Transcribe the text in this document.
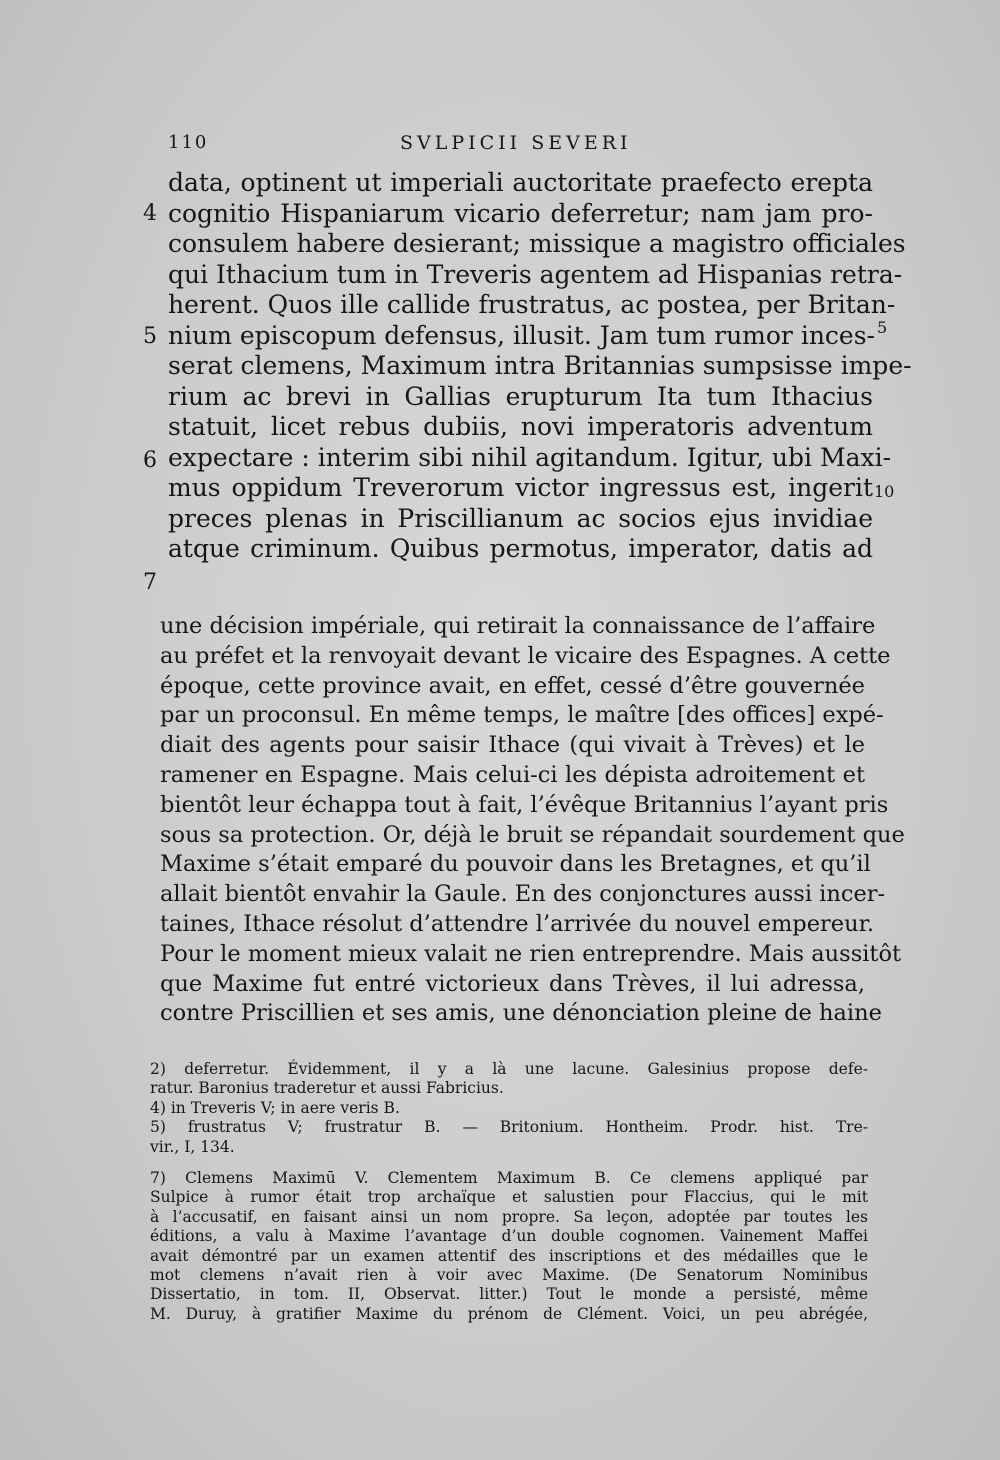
110	SVLPICII SEVERI
data, optinent ut imperiali auctoritate praefecto erepta
cognitio Hispaniarum vicario deferretur; nam jam pro-
consulem habere desierant; missique a magistro officiales
qui Ithacium tum in Treveris agentem ad Hispanias retra-
herent. Quos ille callide frustratus, ac postea, per Britan-
nium episcopum defensus, illusit. Jam tum rumor inces-
serat clemens, Maximum intra Britannias sumpsisse impe-
rium ac brevi in Gallias erupturum Ita tum Ithacius
statuit, licet rebus dubiis, novi imperatoris adventum
expectare : interim sibi nihil agitandum. Igitur, ubi Maxi-
mus oppidum Treverorum victor ingressus est, ingerit
preces plenas in Priscillianum ac socios ejus invidiae
atque criminum. Quibus permotus, imperator, datis ad
4
5
6
7
5
10
une décision impériale, qui retirait la connaissance de l’affaire
au préfet et la renvoyait devant le vicaire des Espagnes. A cette
époque, cette province avait, en effet, cessé d’être gouvernée
par un proconsul. En même temps, le maître [des offices] expé-
diait des agents pour saisir Ithace (qui vivait à Trèves) et le
ramener en Espagne. Mais celui-ci les dépista adroitement et
bientôt leur échappa tout à fait, l’évêque Britannius l’ayant pris
sous sa protection. Or, déjà le bruit se répandait sourdement que
Maxime s’était emparé du pouvoir dans les Bretagnes, et qu’il
allait bientôt envahir la Gaule. En des conjonctures aussi incer-
taines, Ithace résolut d’attendre l’arrivée du nouvel empereur.
Pour le moment mieux valait ne rien entreprendre. Mais aussitôt
que Maxime fut entré victorieux dans Trèves, il lui adressa,
contre Priscillien et ses amis, une dénonciation pleine de haine
2) deferretur. Évidemment, il y a là une lacune. Galesinius propose defe-
ratur. Baronius traderetur et aussi Fabricius.
4) in Treveris V; in aere veris B.
5) frustratus V; frustratur B. — Britonium. Hontheim. Prodr. hist. Tre-
vir., I, 134.
7) Clemens Maximū V. Clementem Maximum B. Ce clemens appliqué par
Sulpice à rumor était trop archaïque et salustien pour Flaccius, qui le mit
à l’accusatif, en faisant ainsi un nom propre. Sa leçon, adoptée par toutes les
éditions, a valu à Maxime l’avantage d’un double cognomen. Vainement Maffei
avait démontré par un examen attentif des inscriptions et des médailles que le
mot clemens n’avait rien à voir avec Maxime. (De Senatorum Nominibus
Dissertatio, in tom. II, Observat. litter.) Tout le monde a persisté, même
M. Duruy, à gratifier Maxime du prénom de Clément. Voici, un peu abrégée,
